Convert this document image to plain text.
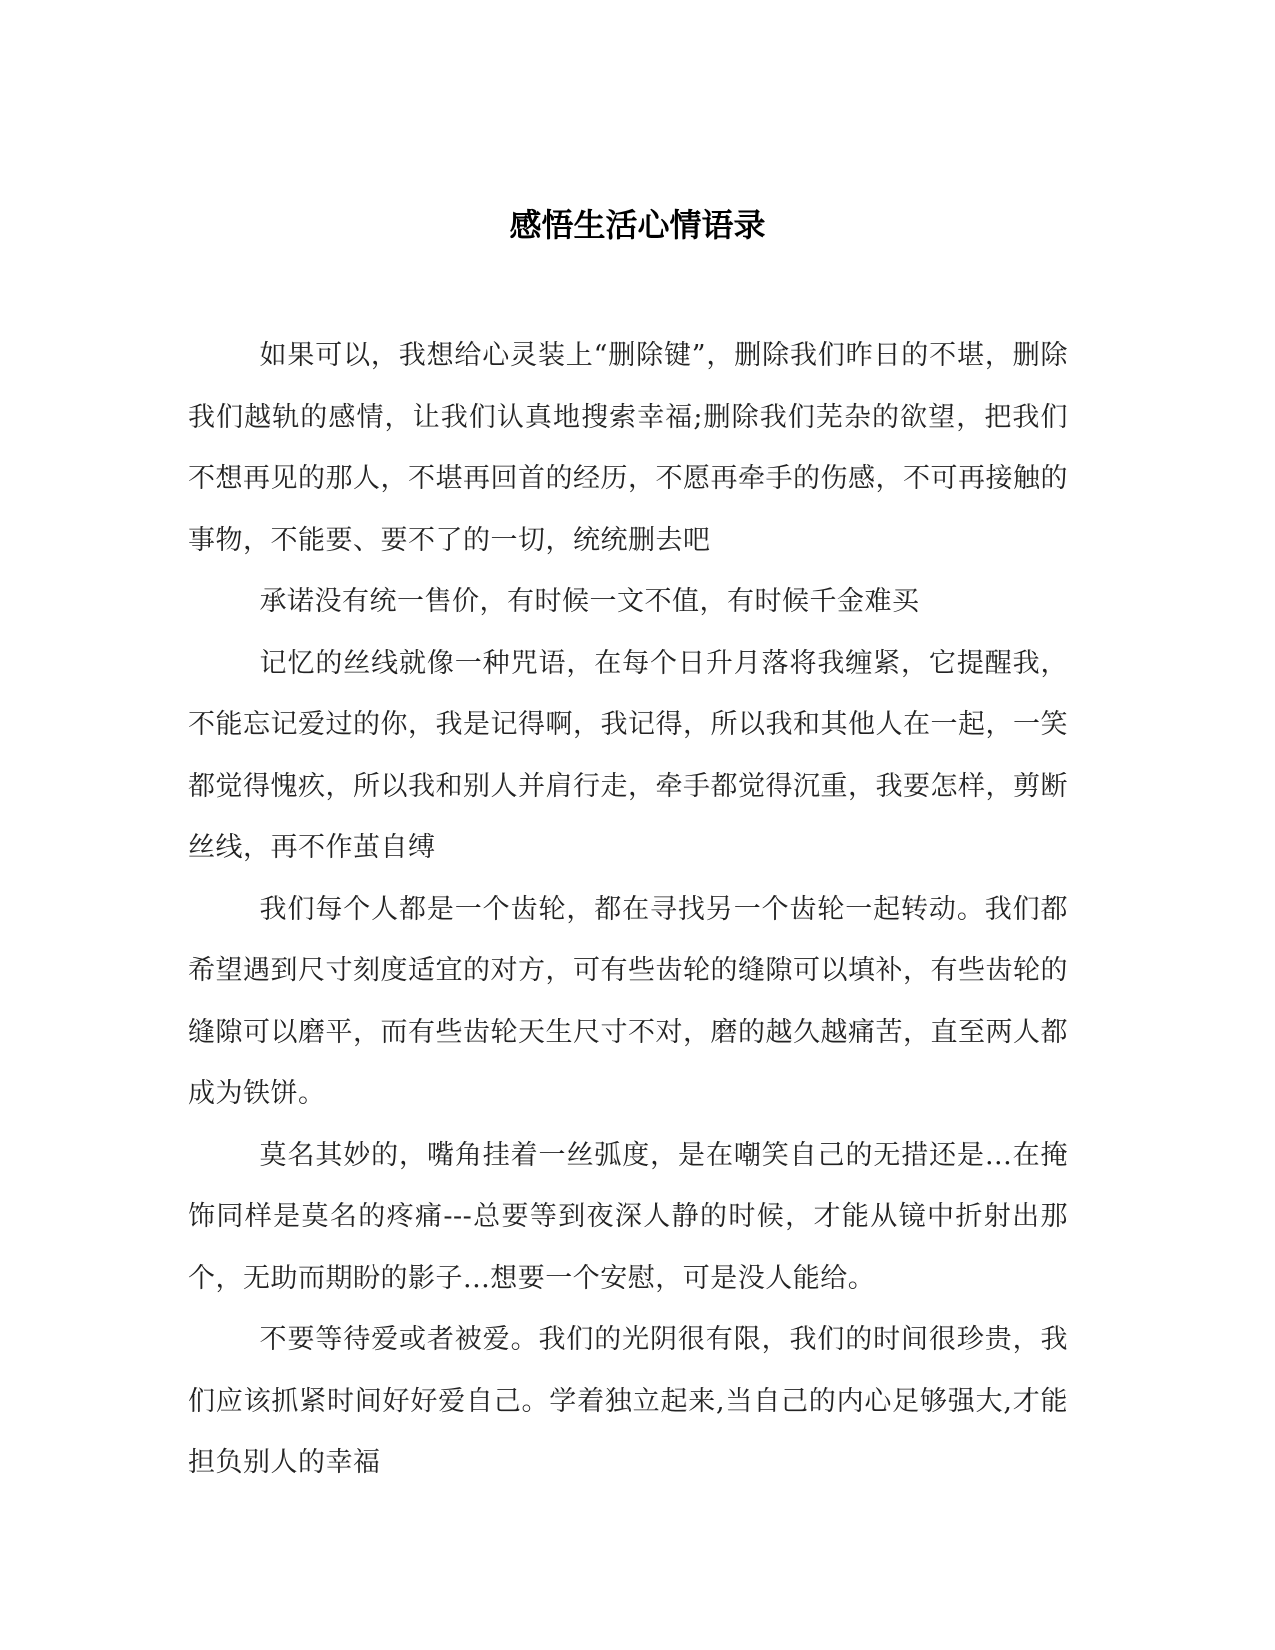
感悟生活心情语录

如果可以，我想给心灵装上“删除键”，删除我们昨日的不堪，删除我们越轨的感情，让我们认真地搜索幸福;删除我们芜杂的欲望，把我们不想再见的那人，不堪再回首的经历，不愿再牵手的伤感，不可再接触的事物，不能要、要不了的一切，统统删去吧

承诺没有统一售价，有时候一文不值，有时候千金难买

记忆的丝线就像一种咒语，在每个日升月落将我缠紧，它提醒我，不能忘记爱过的你，我是记得啊，我记得，所以我和其他人在一起，一笑都觉得愧疚，所以我和别人并肩行走，牵手都觉得沉重，我要怎样，剪断丝线，再不作茧自缚

我们每个人都是一个齿轮，都在寻找另一个齿轮一起转动。我们都希望遇到尺寸刻度适宜的对方，可有些齿轮的缝隙可以填补，有些齿轮的缝隙可以磨平，而有些齿轮天生尺寸不对，磨的越久越痛苦，直至两人都成为铁饼。

莫名其妙的，嘴角挂着一丝弧度，是在嘲笑自己的无措还是...在掩饰同样是莫名的疼痛---总要等到夜深人静的时候，才能从镜中折射出那个，无助而期盼的影子...想要一个安慰，可是没人能给。

不要等待爱或者被爱。我们的光阴很有限，我们的时间很珍贵，我们应该抓紧时间好好爱自己。学着独立起来,当自己的内心足够强大,才能担负别人的幸福
